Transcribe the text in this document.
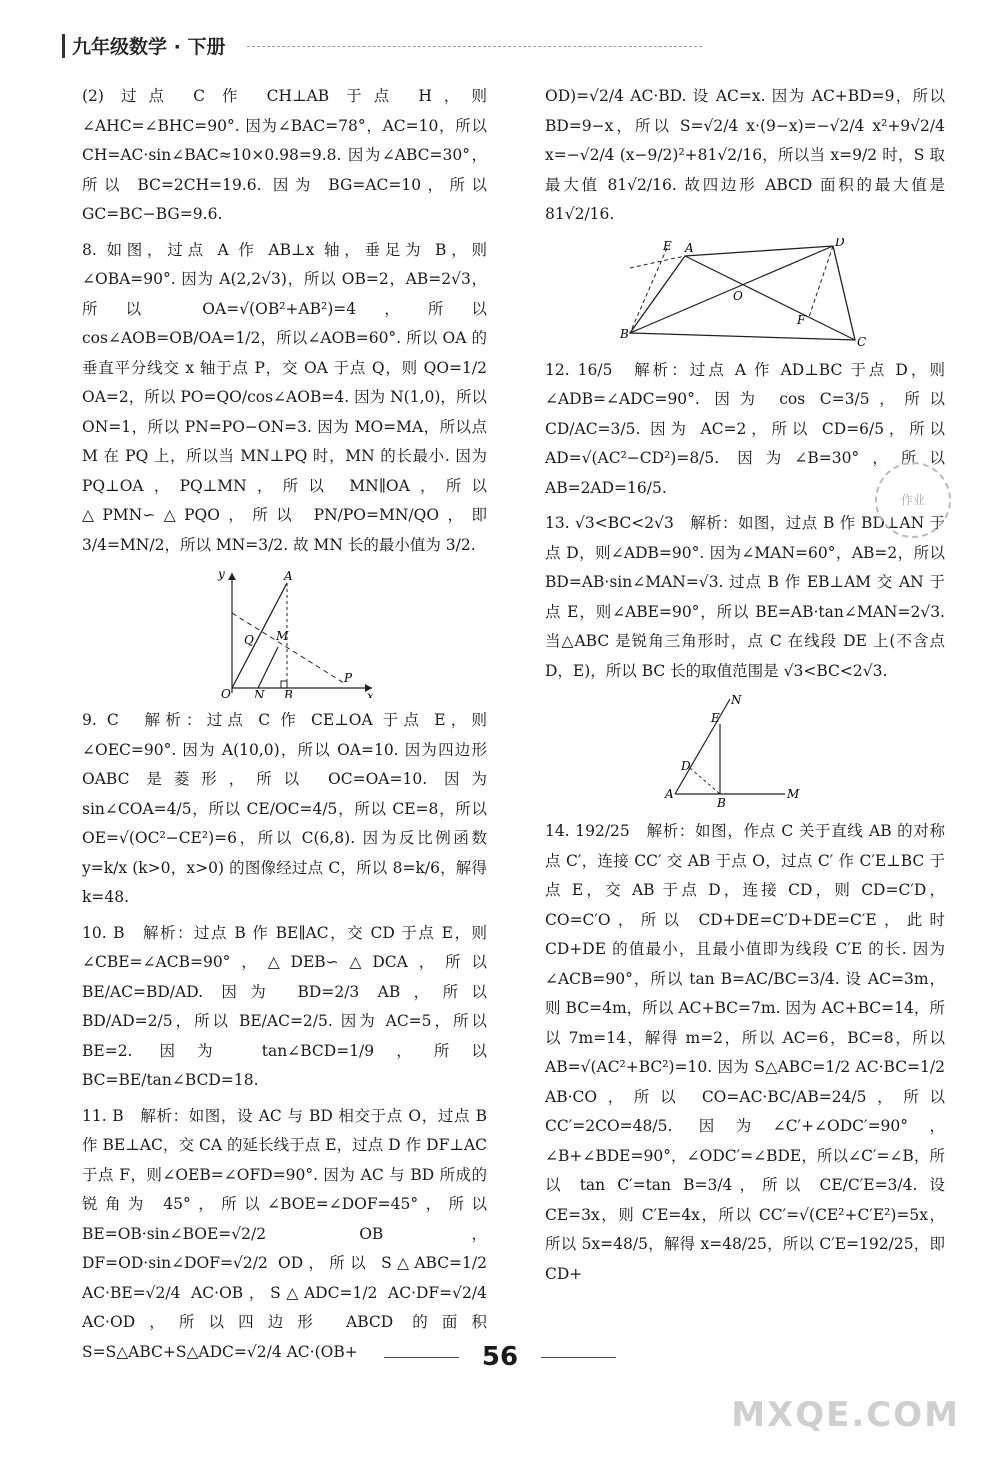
九年级数学 · 下册

(2) 过点 C 作 CH⊥AB 于点 H，则∠AHC=∠BHC=90°. 因为∠BAC=78°，AC=10，所以 CH=AC·sin∠BAC≈10×0.98=9.8. 因为∠ABC=30°，所以 BC=2CH=19.6. 因为 BG=AC=10，所以 GC=BC−BG=9.6.

8. 如图，过点 A 作 AB⊥x 轴，垂足为 B，则∠OBA=90°. 因为 A(2,2√3)，所以 OB=2，AB=2√3，所以 OA=√(OB²+AB²)=4，所以 cos∠AOB=OB/OA=1/2，所以∠AOB=60°. 所以 OA 的垂直平分线交 x 轴于点 P，交 OA 于点 Q，则 QO=1/2 OA=2，所以 PO=QO/cos∠AOB=4. 因为 N(1,0)，所以 ON=1，所以 PN=PO−ON=3. 因为 MO=MA，所以点 M 在 PQ 上，所以当 MN⊥PQ 时，MN 的长最小. 因为 PQ⊥OA，PQ⊥MN，所以 MN∥OA，所以△PMN∽△PQO，所以 PN/PO=MN/QO，即 3/4=MN/2，所以 MN=3/2. 故 MN 长的最小值为 3/2.

y
x
O N B
P
Q M
A

9. C　解析：过点 C 作 CE⊥OA 于点 E，则∠OEC=90°. 因为 A(10,0)，所以 OA=10. 因为四边形 OABC 是菱形，所以 OC=OA=10. 因为 sin∠COA=4/5，所以 CE/OC=4/5，所以 CE=8，所以 OE=√(OC²−CE²)=6，所以 C(6,8). 因为反比例函数 y=k/x (k>0，x>0) 的图像经过点 C，所以 8=k/6，解得 k=48.

10. B　解析：过点 B 作 BE∥AC，交 CD 于点 E，则∠CBE=∠ACB=90°，△DEB∽△DCA，所以 BE/AC=BD/AD. 因为 BD=2/3 AB，所以 BD/AD=2/5，所以 BE/AC=2/5. 因为 AC=5，所以 BE=2. 因为 tan∠BCD=1/9，所以 BC=BE/tan∠BCD=18.

11. B　解析：如图，设 AC 与 BD 相交于点 O，过点 B 作 BE⊥AC，交 CA 的延长线于点 E，过点 D 作 DF⊥AC 于点 F，则∠OEB=∠OFD=90°. 因为 AC 与 BD 所成的锐角为 45°，所以∠BOE=∠DOF=45°，所以 BE=OB·sin∠BOE=√2/2 OB，DF=OD·sin∠DOF=√2/2 OD，所以 S△ABC=1/2 AC·BE=√2/4 AC·OB，S△ADC=1/2 AC·DF=√2/4 AC·OD，所以四边形 ABCD 的面积 S=S△ABC+S△ADC=√2/4 AC·(OB+

OD)=√2/4 AC·BD. 设 AC=x. 因为 AC+BD=9，所以 BD=9−x，所以 S=√2/4 x·(9−x)=−√2/4 x²+9√2/4 x=−√2/4 (x−9/2)²+81√2/16，所以当 x=9/2 时，S 取最大值 81√2/16. 故四边形 ABCD 面积的最大值是 81√2/16.

E A	D
O
B
F
C

12. 16/5　解析：过点 A 作 AD⊥BC 于点 D，则∠ADB=∠ADC=90°. 因为 cos C=3/5，所以 CD/AC=3/5. 因为 AC=2，所以 CD=6/5，所以 AD=√(AC²−CD²)=8/5. 因为∠B=30°，所以 AB=2AD=16/5.

13. √3<BC<2√3　解析：如图，过点 B 作 BD⊥AN 于点 D，则∠ADB=90°. 因为∠MAN=60°，AB=2，所以 BD=AB·sin∠MAN=√3. 过点 B 作 EB⊥AM 交 AN 于点 E，则∠ABE=90°，所以 BE=AB·tan∠MAN=2√3. 当△ABC 是锐角三角形时，点 C 在线段 DE 上(不含点 D，E)，所以 BC 长的取值范围是 √3<BC<2√3.

N
E
D
A
B
M

14. 192/25　解析：如图，作点 C 关于直线 AB 的对称点 C′，连接 CC′ 交 AB 于点 O，过点 C′ 作 C′E⊥BC 于点 E，交 AB 于点 D，连接 CD，则 CD=C′D，CO=C′O，所以 CD+DE=C′D+DE=C′E，此时 CD+DE 的值最小，且最小值即为线段 C′E 的长. 因为∠ACB=90°，所以 tan B=AC/BC=3/4. 设 AC=3m，则 BC=4m，所以 AC+BC=7m. 因为 AC+BC=14，所以 7m=14，解得 m=2，所以 AC=6，BC=8，所以 AB=√(AC²+BC²)=10. 因为 S△ABC=1/2 AC·BC=1/2 AB·CO，所以 CO=AC·BC/AB=24/5，所以 CC′=2CO=48/5. 因为∠C′+∠ODC′=90°，∠B+∠BDE=90°，∠ODC′=∠BDE，所以∠C′=∠B，所以 tan C′=tan B=3/4，所以 CE/C′E=3/4. 设 CE=3x，则 C′E=4x，所以 CC′=√(CE²+C′E²)=5x，所以 5x=48/5，解得 x=48/25，所以 C′E=192/25，即 CD+

作业
56
MXQE.COM
